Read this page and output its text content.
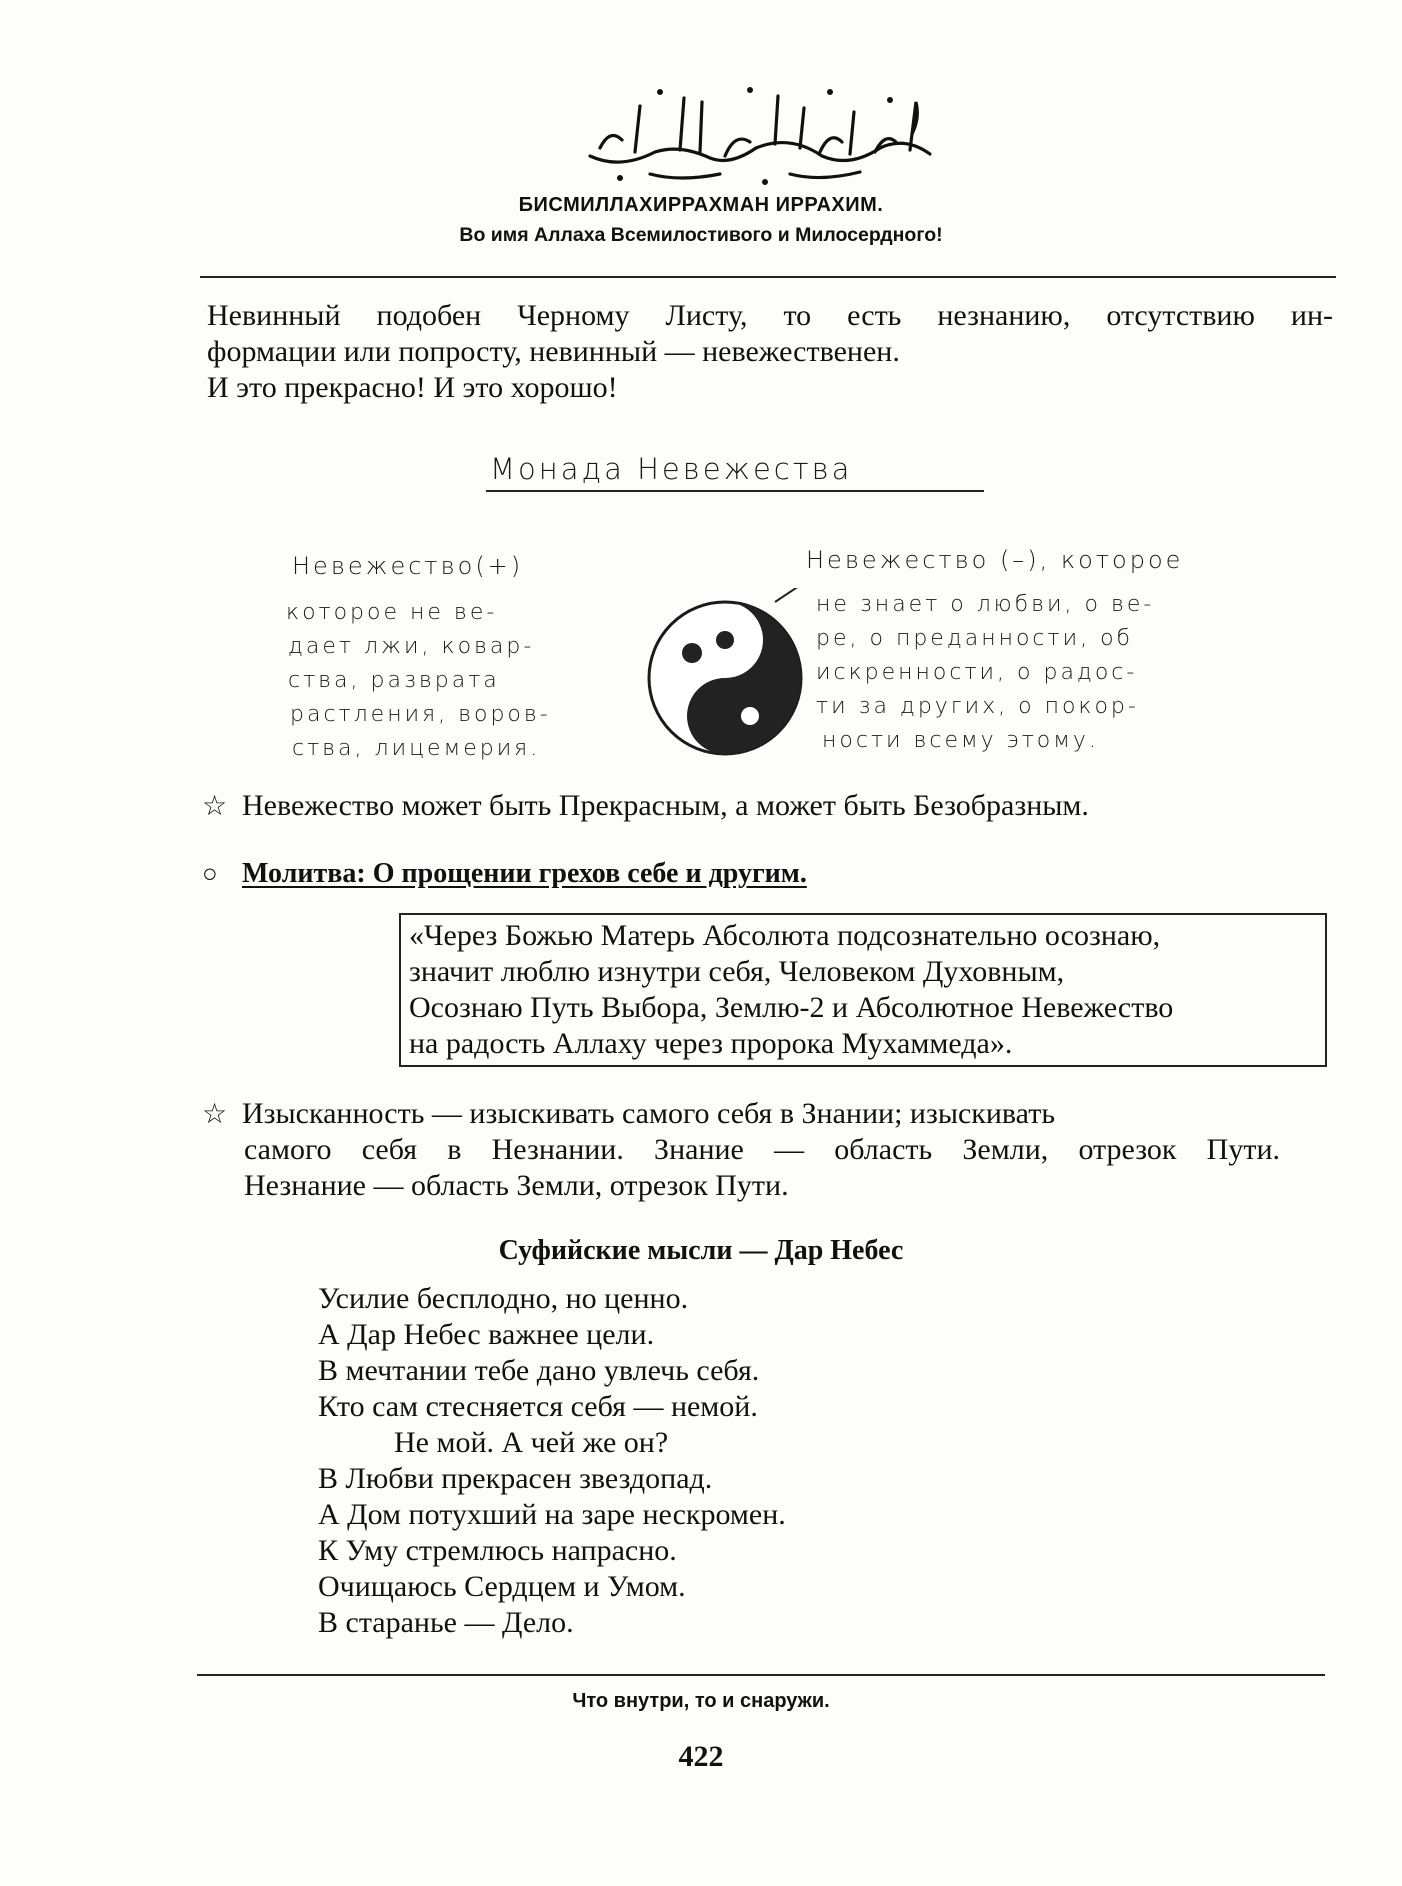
БИСМИЛЛАХИРРАХМАН ИРРАХИМ.
Во имя Аллаха Всемилостивого и Милосердного!
Невинный подобен Черному Листу, то есть незнанию, отсутствию ин-
формации или попросту, невинный — невежественен.
И это прекрасно! И это хорошо!
Монада Невежества
Невежество(+)
которое не ве-
дает лжи, ковар-
ства, разврата
растления, воров-
ства, лицемерия.
Невежество (–), которое
не знает о любви, о ве-
ре, о преданности, об
искренности, о радос-
ти за других, о покор-
ности всему этому.
☆ Невежество может быть Прекрасным, а может быть Безобразным.
○ Молитва: О прощении грехов себе и другим.
«Через Божью Матерь Абсолюта подсознательно осознаю,
значит люблю изнутри себя, Человеком Духовным,
Осознаю Путь Выбора, Землю-2 и Абсолютное Невежество
на радость Аллаху через пророка Мухаммеда».
☆ Изысканность — изыскивать самого себя в Знании; изыскивать
самого себя в Незнании. Знание — область Земли, отрезок Пути.
Незнание — область Земли, отрезок Пути.
Суфийские мысли — Дар Небес
Усилие бесплодно, но ценно.
А Дар Небес важнее цели.
В мечтании тебе дано увлечь себя.
Кто сам стесняется себя — немой.
Не мой. А чей же он?
В Любви прекрасен звездопад.
А Дом потухший на заре нескромен.
К Уму стремлюсь напрасно.
Очищаюсь Сердцем и Умом.
В старанье — Дело.
Что внутри, то и снаружи.
422
